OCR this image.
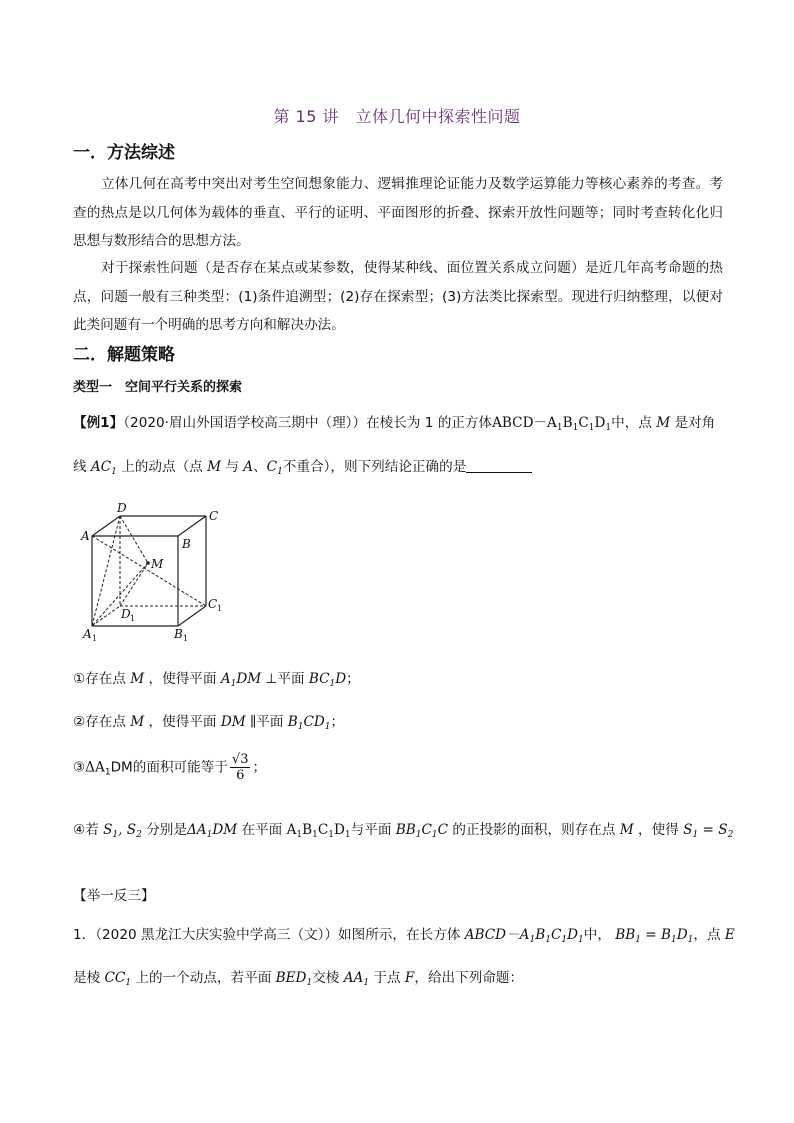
第 15 讲　立体几何中探索性问题
一．方法综述
立体几何在高考中突出对考生空间想象能力、逻辑推理论证能力及数学运算能力等核心素养的考查。考查的热点是以几何体为载体的垂直、平行的证明、平面图形的折叠、探索开放性问题等；同时考查转化化归思想与数形结合的思想方法。
对于探索性问题（是否存在某点或某参数，使得某种线、面位置关系成立问题）是近几年高考命题的热点，问题一般有三种类型：(1)条件追溯型；(2)存在探索型；(3)方法类比探索型。现进行归纳整理，以便对此类问题有一个明确的思考方向和解决办法。
二．解题策略
类型一　空间平行关系的探索
【例1】（2020·眉山外国语学校高三期中（理））在棱长为 1 的正方体$ABCD-A_1B_1C_1D_1$中，点 M 是对角
线 $AC_1$ 上的动点（点 M 与 A、$C_1$不重合），则下列结论正确的是
A
B
C
D
M
A 1	B 1
C 1
D 1
①存在点 M ，使得平面 $A_1DM$ ⊥平面 $BC_1D$；
②存在点 M ，使得平面 DM ∥平面 $B_1CD_1$；
$③\Delta A_1DM$的面积可能等于 $\frac{√3}{6}$ ；
④若 $S_1$, $S_2$ 分别是$\Delta A_1DM$ 在平面 $A_1B_1C_1D_1$与平面 $BB_1C_1C$ 的正投影的面积，则存在点 M ，使得 $S_1 = S_2$
【举一反三】
1．（2020 黑龙江大庆实验中学高三（文））如图所示，在长方体 $ABCD-A_1B_1C_1D_1$中， $BB_1 = B_1D_1$，点 E
是棱 $CC_1$ 上的一个动点，若平面 $BED_1$交棱 $AA_1$ 于点 F，给出下列命题：
